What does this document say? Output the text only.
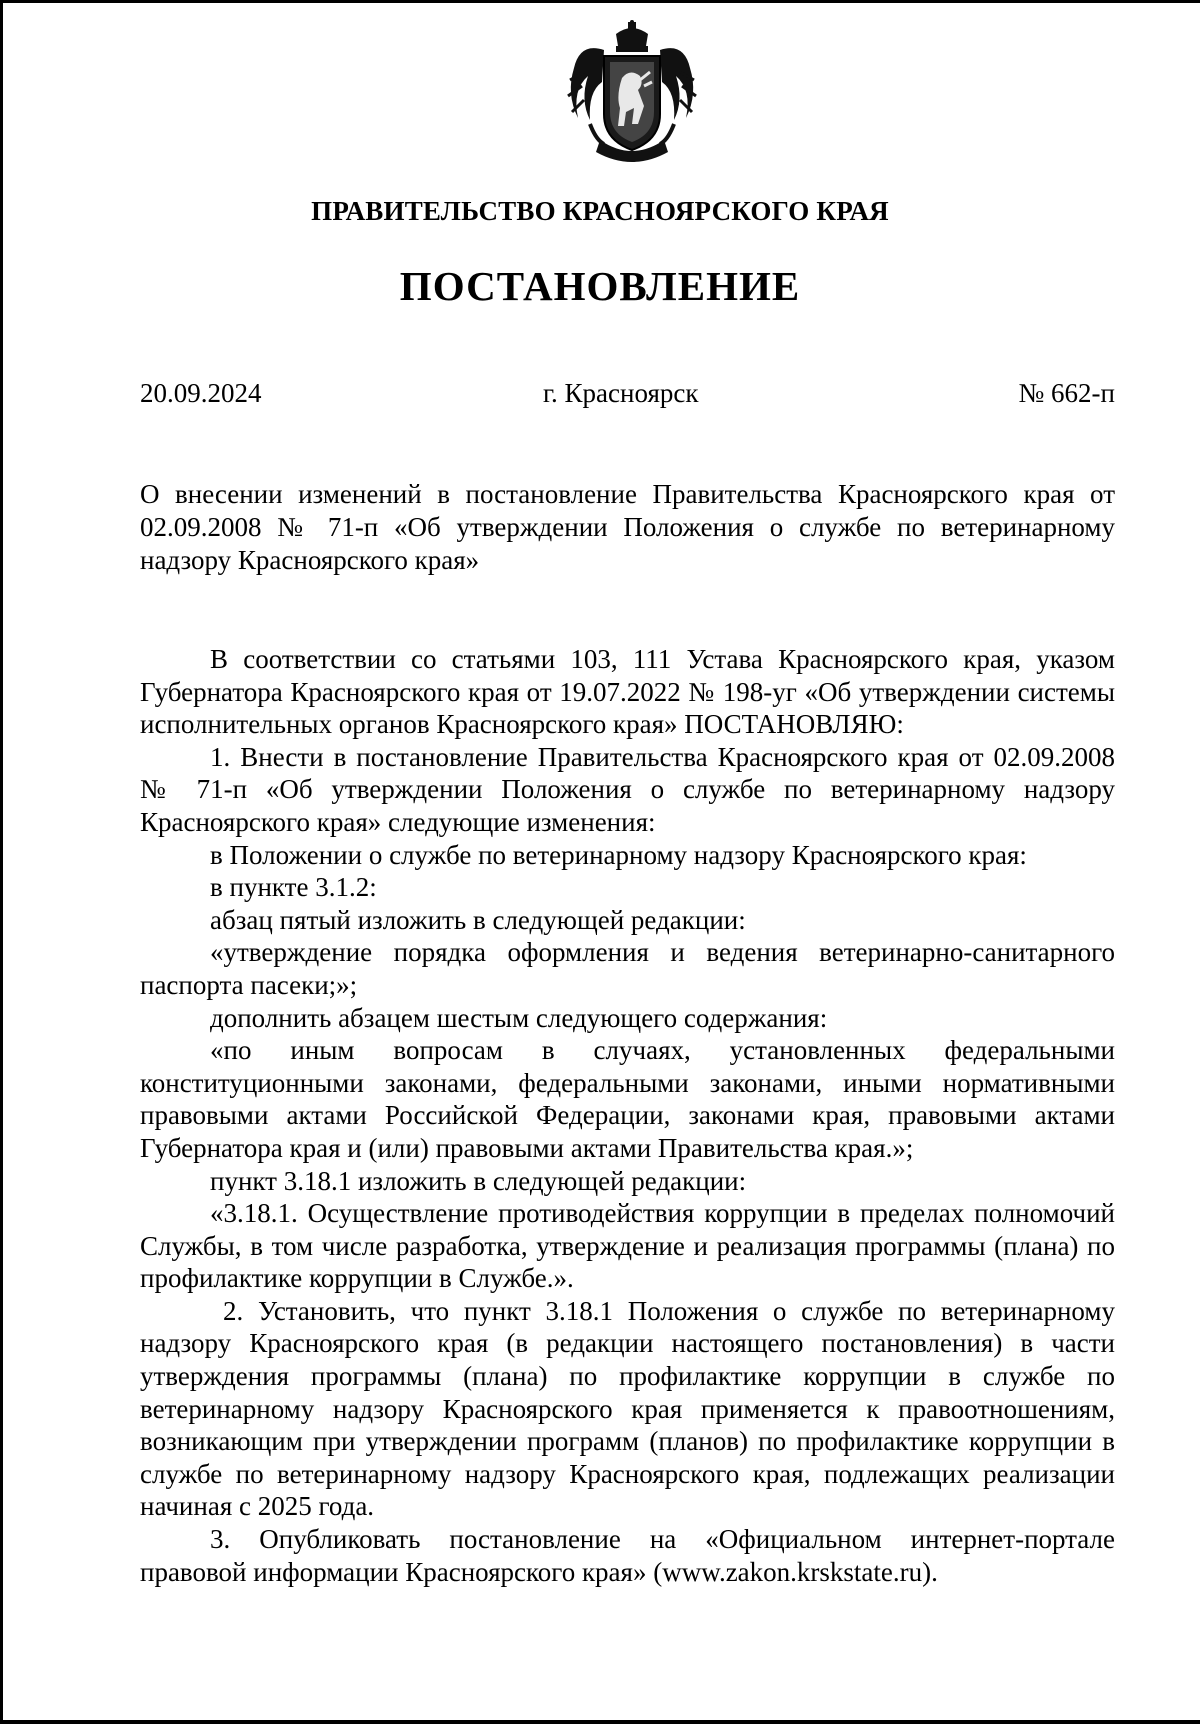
ПРАВИТЕЛЬСТВО КРАСНОЯРСКОГО КРАЯ
ПОСТАНОВЛЕНИЕ
20.09.2024	г. Красноярск	№ 662-п
О внесении изменений в постановление Правительства Красноярского края от 02.09.2008 № 71-п «Об утверждении Положения о службе по ветеринарному надзору Красноярского края»

В соответствии со статьями 103, 111 Устава Красноярского края, указом Губернатора Красноярского края от 19.07.2022 № 198-уг «Об утверждении системы исполнительных органов Красноярского края» ПОСТАНОВЛЯЮ:

1. Внести в постановление Правительства Красноярского края от 02.09.2008 № 71-п «Об утверждении Положения о службе по ветеринарному надзору Красноярского края» следующие изменения:

в Положении о службе по ветеринарному надзору Красноярского края:

в пункте 3.1.2:

абзац пятый изложить в следующей редакции:

«утверждение порядка оформления и ведения ветеринарно-санитарного паспорта пасеки;»;

дополнить абзацем шестым следующего содержания:

«по иным вопросам в случаях, установленных федеральными конституционными законами, федеральными законами, иными нормативными правовыми актами Российской Федерации, законами края, правовыми актами Губернатора края и (или) правовыми актами Правительства края.»;

пункт 3.18.1 изложить в следующей редакции:

«3.18.1. Осуществление противодействия коррупции в пределах полномочий Службы, в том числе разработка, утверждение и реализация программы (плана) по профилактике коррупции в Службе.».

2. Установить, что пункт 3.18.1 Положения о службе по ветеринарному надзору Красноярского края (в редакции настоящего постановления) в части утверждения программы (плана) по профилактике коррупции в службе по ветеринарному надзору Красноярского края применяется к правоотношениям, возникающим при утверждении программ (планов) по профилактике коррупции в службе по ветеринарному надзору Красноярского края, подлежащих реализации начиная с 2025 года.

3. Опубликовать постановление на «Официальном интернет-портале правовой информации Красноярского края» (www.zakon.krskstate.ru).
